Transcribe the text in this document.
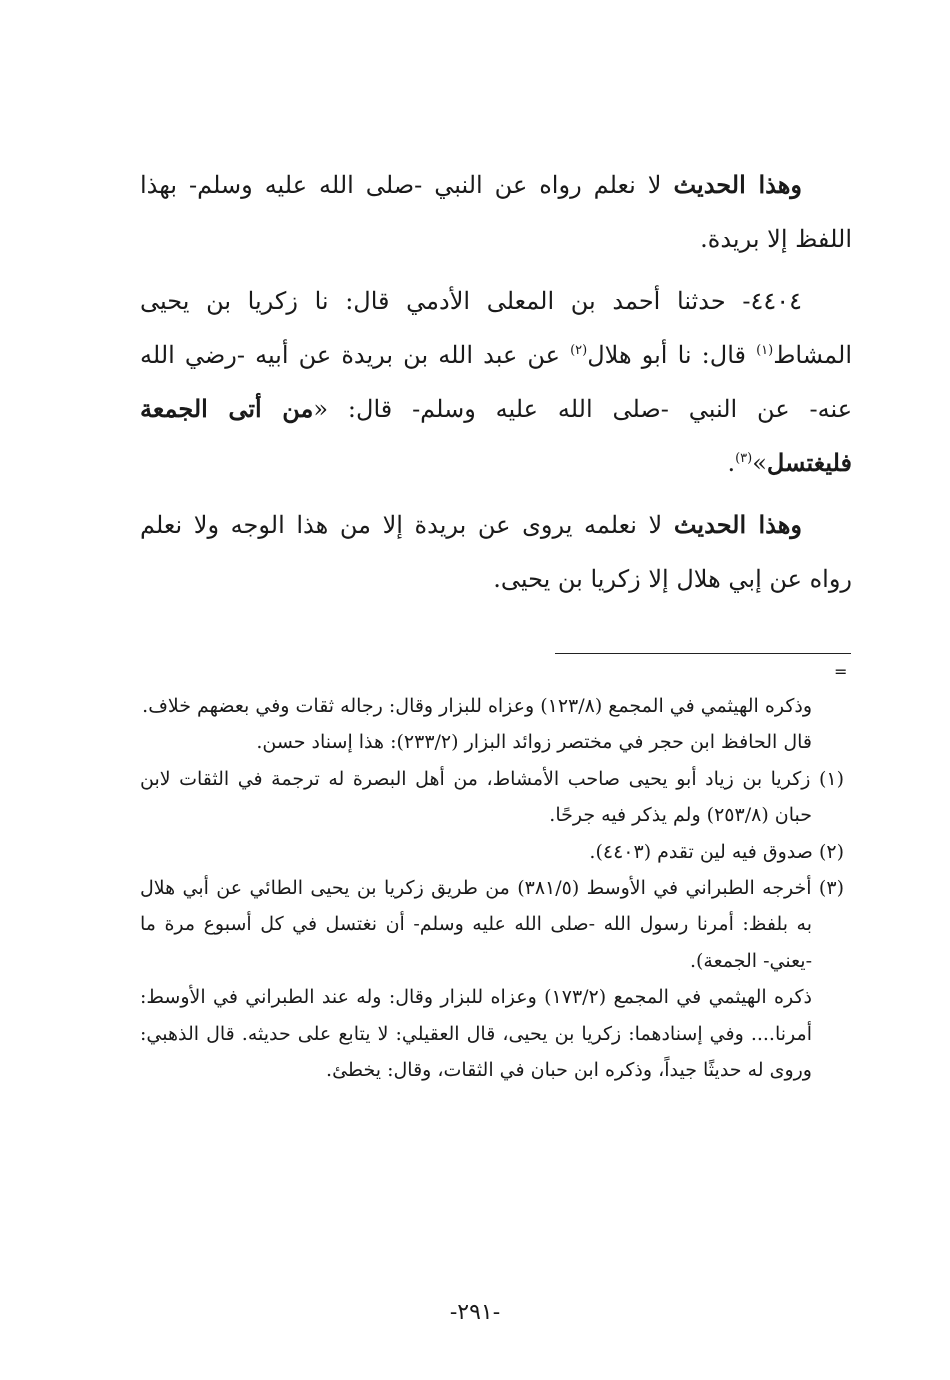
وهذا الحديث لا نعلم رواه عن النبي -صلى الله عليه وسلم- بهذا اللفظ إلا بريدة.

٤٤٠٤- حدثنا أحمد بن المعلى الأدمي قال: نا زكريا بن يحيى المشاط$^{(١)}$ قال: نا أبو هلال$^{(٢)}$ عن عبد الله بن بريدة عن أبيه -رضي الله عنه- عن النبي -صلى الله عليه وسلم- قال: «من أتى الجمعة فليغتسل»$^{(٣)}$.

وهذا الحديث لا نعلمه يروى عن بريدة إلا من هذا الوجه ولا نعلم رواه عن إبي هلال إلا زكريا بن يحيى.

=

وذكره الهيثمي في المجمع (١٢٣/٨) وعزاه للبزار وقال: رجاله ثقات وفي بعضهم خلاف.

قال الحافظ ابن حجر في مختصر زوائد البزار (٢٣٣/٢): هذا إسناد حسن.

(١) زكريا بن زياد أبو يحيى صاحب الأمشاط، من أهل البصرة له ترجمة في الثقات لابن حبان (٢٥٣/٨) ولم يذكر فيه جرحًا.

(٢) صدوق فيه لين تقدم (٤٤٠٣).

(٣) أخرجه الطبراني في الأوسط (٣٨١/٥) من طريق زكريا بن يحيى الطائي عن أبي هلال به بلفظ: أمرنا رسول الله -صلى الله عليه وسلم- أن نغتسل في كل أسبوع مرة ما -يعني- الجمعة).

ذكره الهيثمي في المجمع (١٧٣/٢) وعزاه للبزار وقال: وله عند الطبراني في الأوسط: أمرنا.... وفي إسنادهما: زكريا بن يحيى، قال العقيلي: لا يتابع على حديثه. قال الذهبي: وروى له حديثًا جيداً، وذكره ابن حبان في الثقات، وقال: يخطئ.

-٢٩١-
